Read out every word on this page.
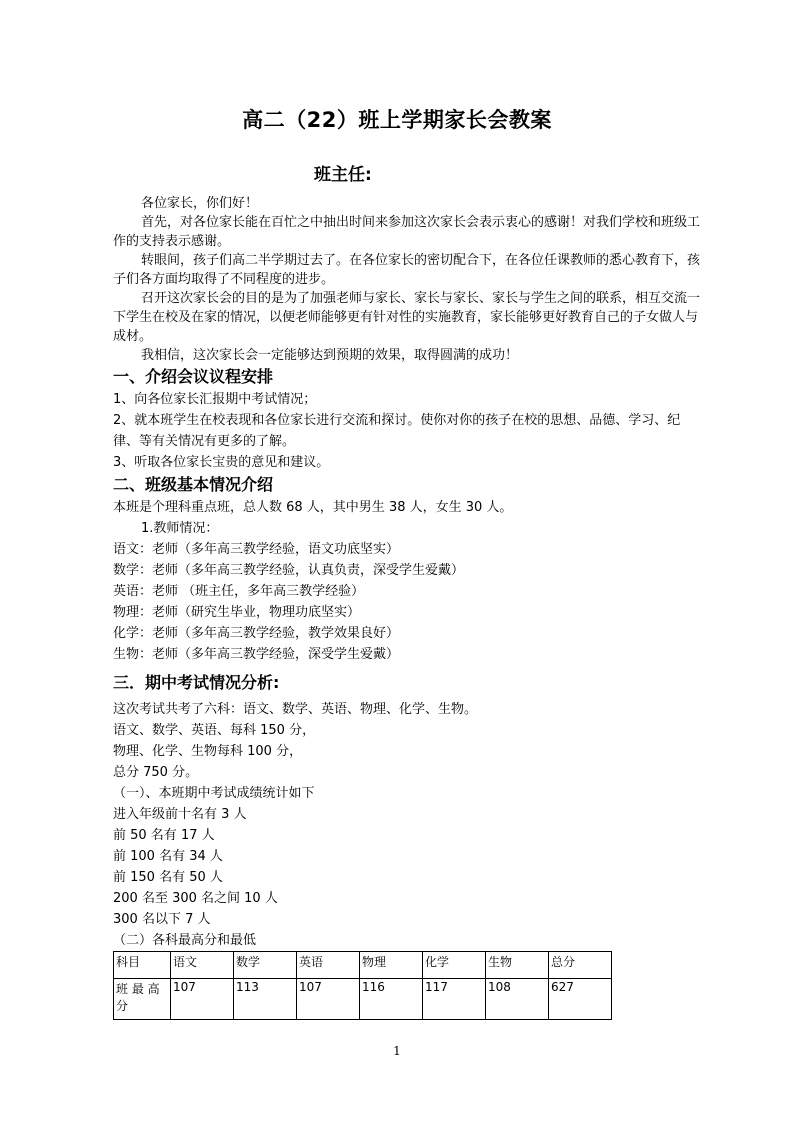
高二（22）班上学期家长会教案
班主任:

各位家长，你们好！

首先，对各位家长能在百忙之中抽出时间来参加这次家长会表示衷心的感谢！对我们学校和班级工作的支持表示感谢。

转眼间，孩子们高二半学期过去了。在各位家长的密切配合下，在各位任课教师的悉心教育下，孩子们各方面均取得了不同程度的进步。

召开这次家长会的目的是为了加强老师与家长、家长与家长、家长与学生之间的联系，相互交流一下学生在校及在家的情况，以便老师能够更有针对性的实施教育，家长能够更好教育自己的子女做人与成材。

我相信，这次家长会一定能够达到预期的效果，取得圆满的成功！

一、介绍会议议程安排

1、向各位家长汇报期中考试情况；

2、就本班学生在校表现和各位家长进行交流和探讨。使你对你的孩子在校的思想、品德、学习、纪律、等有关情况有更多的了解。

3、听取各位家长宝贵的意见和建议。

二、班级基本情况介绍

本班是个理科重点班，总人数 68 人，其中男生 38 人，女生 30 人。

1.教师情况：

语文：老师（多年高三教学经验，语文功底坚实）

数学：老师（多年高三教学经验，认真负责，深受学生爱戴）

英语：老师 （班主任，多年高三教学经验）

物理：老师（研究生毕业，物理功底坚实）

化学：老师（多年高三教学经验，教学效果良好）

生物：老师（多年高三教学经验，深受学生爱戴）

三．期中考试情况分析:

这次考试共考了六科：语文、数学、英语、物理、化学、生物。

语文、数学、英语、每科 150 分，

物理、化学、生物每科 100 分，

总分 750 分。

（一）、本班期中考试成绩统计如下

进入年级前十名有 3 人

前 50 名有 17 人

前 100 名有 34 人

前 150 名有 50 人

200 名至 300 名之间 10 人

300 名以下 7 人

（二）各科最高分和最低

科目	语文	数学	英语	物理	化学	生物	总分
班 最 高 分	107	113	107	116	117	108	627
1
